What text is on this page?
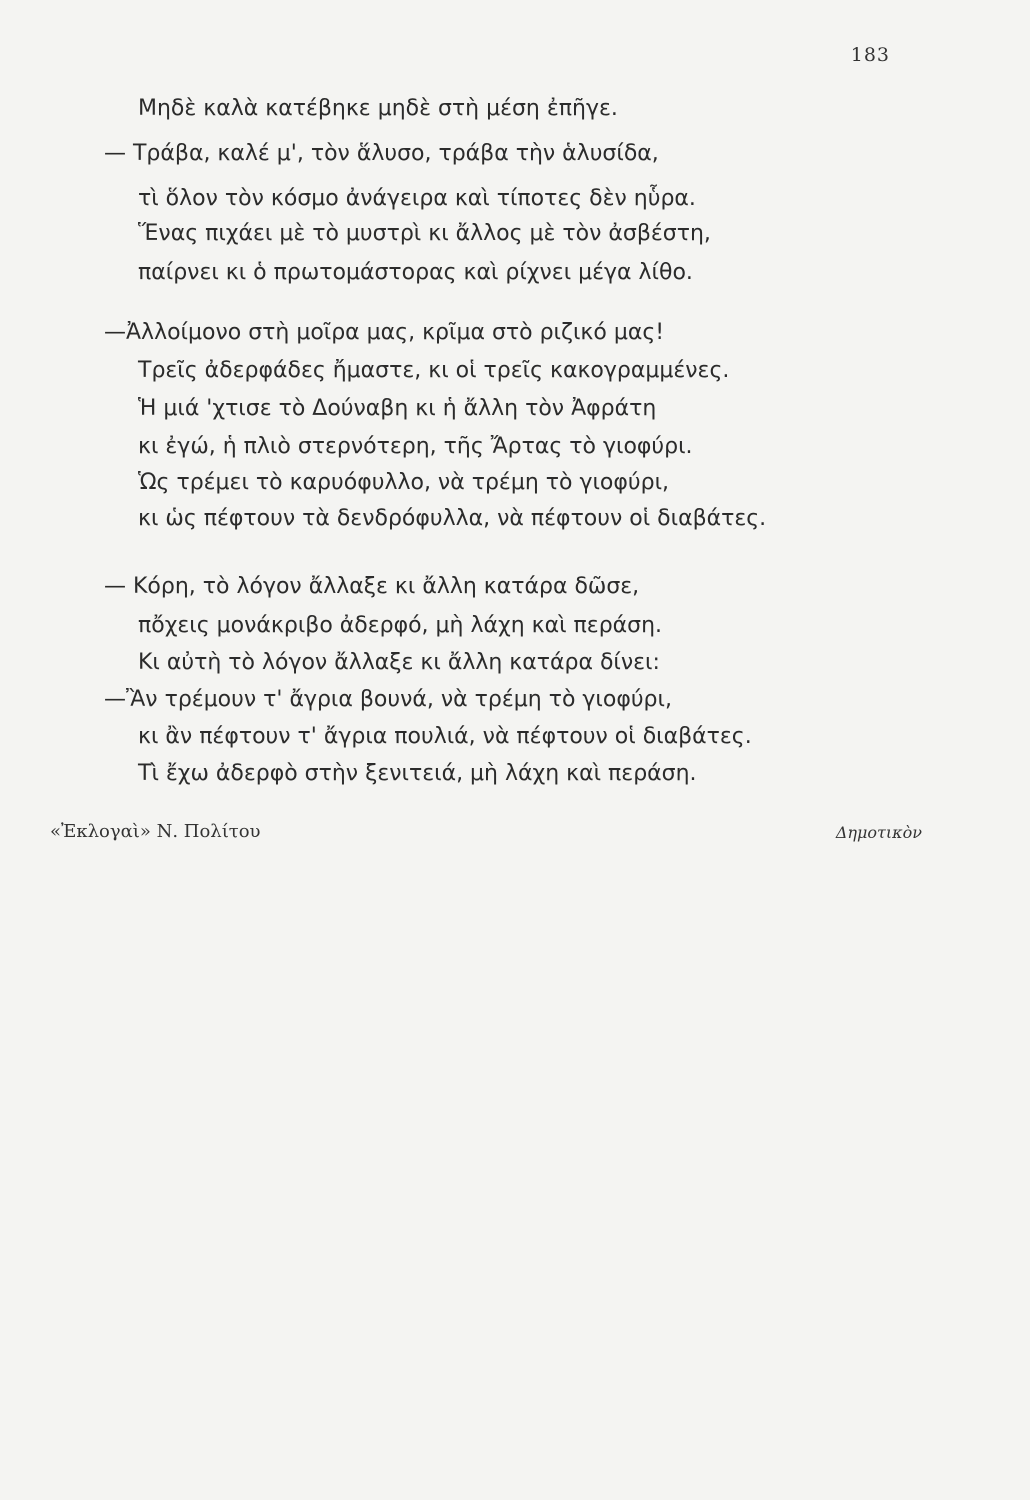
183
Μηδὲ καλὰ κατέβηκε μηδὲ στὴ μέση ἐπῆγε.
— Τράβα, καλέ μ', τὸν ἅλυσο, τράβα τὴν ἁλυσίδα,
τὶ ὅλον τὸν κόσμο ἀνάγειρα καὶ τίποτες δὲν ηὗρα.
Ἕνας πιχάει μὲ τὸ μυστρὶ κι ἄλλος μὲ τὸν ἀσβέστη,
παίρνει κι ὁ πρωτομάστορας καὶ ρίχνει μέγα λίθο.
—Ἀλλοίμονο στὴ μοῖρα μας, κρῖμα στὸ ριζικό μας!
Τρεῖς ἀδερφάδες ἤμαστε, κι οἱ τρεῖς κακογραμμένες.
Ἡ μιά 'χτισε τὸ Δούναβη κι ἡ ἄλλη τὸν Ἀφράτη
κι ἐγώ, ἡ πλιὸ στερνότερη, τῆς Ἄρτας τὸ γιοφύρι.
Ὡς τρέμει τὸ καρυόφυλλο, νὰ τρέμη τὸ γιοφύρι,
κι ὡς πέφτουν τὰ δενδρόφυλλα, νὰ πέφτουν οἱ διαβάτες.
— Κόρη, τὸ λόγον ἄλλαξε κι ἄλλη κατάρα δῶσε,
πὄχεις μονάκριβο ἀδερφό, μὴ λάχη καὶ περάση.
Κι αὐτὴ τὸ λόγον ἄλλαξε κι ἄλλη κατάρα δίνει:
—Ἂν τρέμουν τ' ἄγρια βουνά, νὰ τρέμη τὸ γιοφύρι,
κι ἂν πέφτουν τ' ἄγρια πουλιά, νὰ πέφτουν οἱ διαβάτες.
Τὶ ἔχω ἀδερφὸ στὴν ξενιτειά, μὴ λάχη καὶ περάση.
«Ἐκλογαὶ» Ν. Πολίτου	Δημοτικὸν
